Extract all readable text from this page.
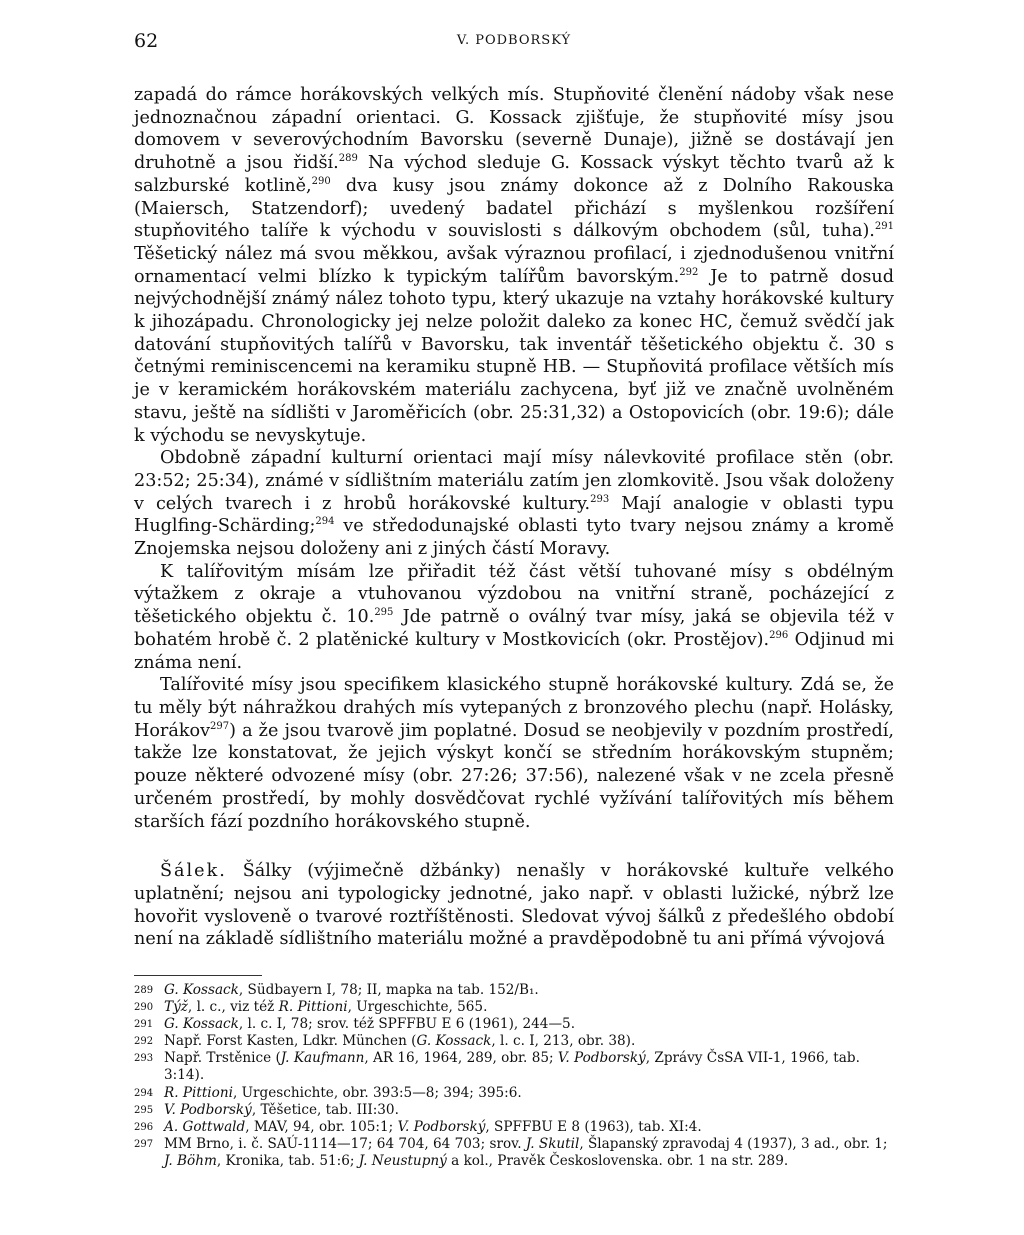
62	V. PODBORSKÝ

zapadá do rámce horákovských velkých mís. Stupňovité členění nádoby však nese jednoznačnou západní orientaci. G. Kossack zjišťuje, že stupňovité mísy jsou domovem v severovýchodním Bavorsku (severně Dunaje), jižně se dostávají jen druhotně a jsou řidší.$^{289}$ Na východ sleduje G. Kossack výskyt těchto tvarů až k salzburské kotlině,$^{290}$ dva kusy jsou známy dokonce až z Dolního Rakouska (Maiersch, Statzendorf); uvedený badatel přichází s myšlenkou rozšíření stupňovitého talíře k východu v souvislosti s dálkovým obchodem (sůl, tuha).$^{291}$ Těšetický nález má svou měkkou, avšak výraznou profilací, i zjednodušenou vnitřní ornamentací velmi blízko k typickým talířům bavorským.$^{292}$ Je to patrně dosud nejvýchodnější známý nález tohoto typu, který ukazuje na vztahy horákovské kultury k jihozápadu. Chronologicky jej nelze položit daleko za konec HC, čemuž svědčí jak datování stupňovitých talířů v Bavorsku, tak inventář těšetického objektu č. 30 s četnými reminiscencemi na keramiku stupně HB. — Stupňovitá profilace větších mís je v keramickém horákovském materiálu zachycena, byť již ve značně uvolněném stavu, ještě na sídlišti v Jaroměřicích (obr. 25:31,32) a Ostopovicích (obr. 19:6); dále k východu se nevyskytuje.

Obdobně západní kulturní orientaci mají mísy nálevkovité profilace stěn (obr. 23:52; 25:34), známé v sídlištním materiálu zatím jen zlomkovitě. Jsou však doloženy v celých tvarech i z hrobů horákovské kultury.$^{293}$ Mají analogie v oblasti typu Huglfing-Schärding;$^{294}$ ve středodunajské oblasti tyto tvary nejsou známy a kromě Znojemska nejsou doloženy ani z jiných částí Moravy.

K talířovitým mísám lze přiřadit též část větší tuhované mísy s obdélným výtažkem z okraje a vtuhovanou výzdobou na vnitřní straně, pocházející z těšetického objektu č. 10.$^{295}$ Jde patrně o oválný tvar mísy, jaká se objevila též v bohatém hrobě č. 2 platěnické kultury v Mostkovicích (okr. Prostějov).$^{296}$ Odjinud mi známa není.

Talířovité mísy jsou specifikem klasického stupně horákovské kultury. Zdá se, že tu měly být náhražkou drahých mís vytepaných z bronzového plechu (např. Holásky, Horákov$^{297}$) a že jsou tvarově jim poplatné. Dosud se neobjevily v pozdním prostředí, takže lze konstatovat, že jejich výskyt končí se středním horákovským stupněm; pouze některé odvozené mísy (obr. 27:26; 37:56), nalezené však v ne zcela přesně určeném prostředí, by mohly dosvědčovat rychlé vyžívání talířovitých mís během starších fází pozdního horákovského stupně.

Šálek. Šálky (výjimečně džbánky) nenašly v horákovské kultuře velkého uplatnění; nejsou ani typologicky jednotné, jako např. v oblasti lužické, nýbrž lze hovořit vysloveně o tvarové roztříštěnosti. Sledovat vývoj šálků z předešlého období není na základě sídlištního materiálu možné a pravděpodobně tu ani přímá vývojová

289 G. Kossack, Südbayern I, 78; II, mapka na tab. 152/B₁.
290 Týž, l. c., viz též R. Pittioni, Urgeschichte, 565.
291 G. Kossack, l. c. I, 78; srov. též SPFFBU E 6 (1961), 244—5.
292 Např. Forst Kasten, Ldkr. München (G. Kossack, l. c. I, 213, obr. 38).
293 Např. Trstěnice (J. Kaufmann, AR 16, 1964, 289, obr. 85; V. Podborský, Zprávy ČsSA VII-1, 1966, tab. 3:14).
294 R. Pittioni, Urgeschichte, obr. 393:5—8; 394; 395:6.
295 V. Podborský, Těšetice, tab. III:30.
296 A. Gottwald, MAV, 94, obr. 105:1; V. Podborský, SPFFBU E 8 (1963), tab. XI:4.
297 MM Brno, i. č. SAÚ-1114—17; 64 704, 64 703; srov. J. Skutil, Šlapanský zpravodaj 4 (1937), 3 ad., obr. 1; J. Böhm, Kronika, tab. 51:6; J. Neustupný a kol., Pravěk Československa. obr. 1 na str. 289.
